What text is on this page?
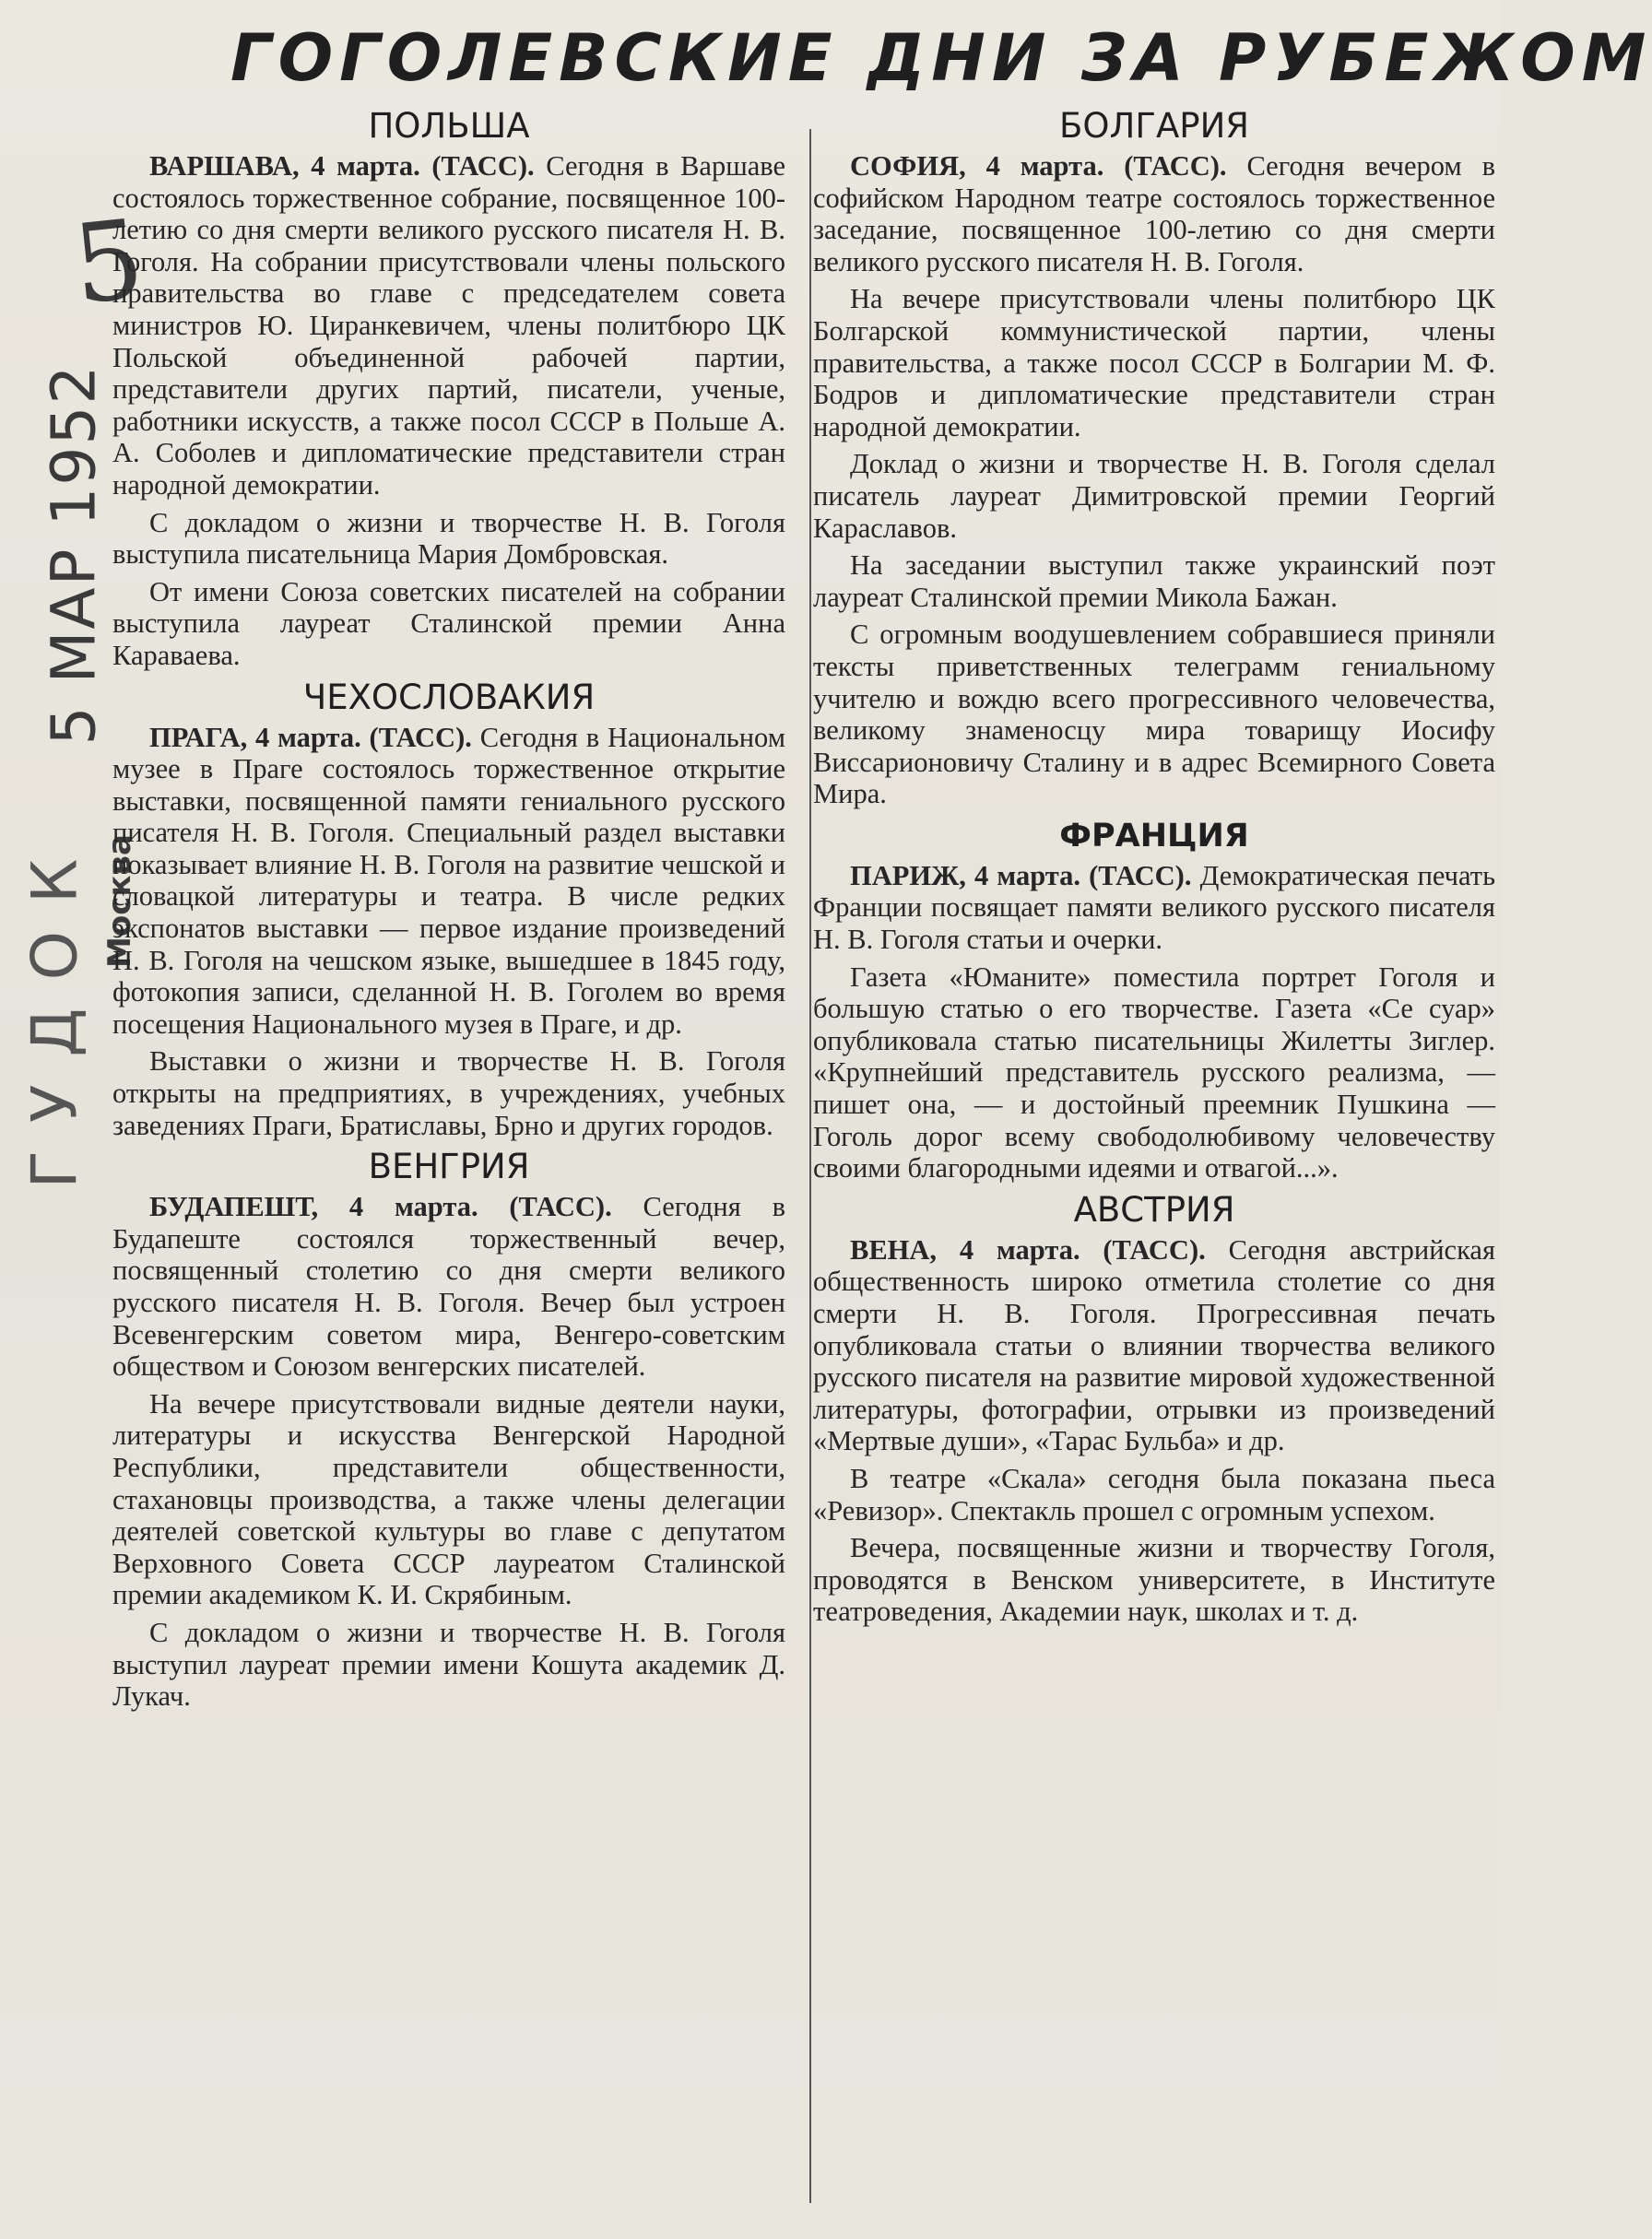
ГОГОЛЕВСКИЕ ДНИ ЗА РУБЕЖОМ
5
5 МАР 1952
Москва
ГУДОК
ПОЛЬША

ВАРШАВА, 4 марта. (ТАСС). Сегодня в Варшаве состоялось торжественное собрание, посвященное 100-летию со дня смерти великого русского писателя Н. В. Гоголя. На собрании присутствовали члены польского правительства во главе с председателем совета министров Ю. Циранкевичем, члены политбюро ЦК Польской объединенной рабочей партии, представители других партий, писатели, ученые, работники искусств, а также посол СССР в Польше А. А. Соболев и дипломатические представители стран народной демократии.

С докладом о жизни и творчестве Н. В. Гоголя выступила писательница Мария Домбровская.

От имени Союза советских писателей на собрании выступила лауреат Сталинской премии Анна Караваева.

ЧЕХОСЛОВАКИЯ

ПРАГА, 4 марта. (ТАСС). Сегодня в Национальном музее в Праге состоялось торжественное открытие выставки, посвященной памяти гениального русского писателя Н. В. Гоголя. Специальный раздел выставки показывает влияние Н. В. Гоголя на развитие чешской и словацкой литературы и театра. В числе редких экспонатов выставки — первое издание произведений Н. В. Гоголя на чешском языке, вышедшее в 1845 году, фотокопия записи, сделанной Н. В. Гоголем во время посещения Национального музея в Праге, и др.

Выставки о жизни и творчестве Н. В. Гоголя открыты на предприятиях, в учреждениях, учебных заведениях Праги, Братиславы, Брно и других городов.

ВЕНГРИЯ

БУДАПЕШТ, 4 марта. (ТАСС). Сегодня в Будапеште состоялся торжественный вечер, посвященный столетию со дня смерти великого русского писателя Н. В. Гоголя. Вечер был устроен Всевенгерским советом мира, Венгеро-советским обществом и Союзом венгерских писателей.

На вечере присутствовали видные деятели науки, литературы и искусства Венгерской Народной Республики, представители общественности, стахановцы производства, а также члены делегации деятелей советской культуры во главе с депутатом Верховного Совета СССР лауреатом Сталинской премии академиком К. И. Скрябиным.

С докладом о жизни и творчестве Н. В. Гоголя выступил лауреат премии имени Кошута академик Д. Лукач.

БОЛГАРИЯ

СОФИЯ, 4 марта. (ТАСС). Сегодня вечером в софийском Народном театре состоялось торжественное заседание, посвященное 100-летию со дня смерти великого русского писателя Н. В. Гоголя.

На вечере присутствовали члены политбюро ЦК Болгарской коммунистической партии, члены правительства, а также посол СССР в Болгарии М. Ф. Бодров и дипломатические представители стран народной демократии.

Доклад о жизни и творчестве Н. В. Гоголя сделал писатель лауреат Димитровской премии Георгий Караславов.

На заседании выступил также украинский поэт лауреат Сталинской премии Микола Бажан.

С огромным воодушевлением собравшиеся приняли тексты приветственных телеграмм гениальному учителю и вождю всего прогрессивного человечества, великому знаменосцу мира товарищу Иосифу Виссарионовичу Сталину и в адрес Всемирного Совета Мира.

ФРАНЦИЯ

ПАРИЖ, 4 марта. (ТАСС). Демократическая печать Франции посвящает памяти великого русского писателя Н. В. Гоголя статьи и очерки.

Газета «Юманите» поместила портрет Гоголя и большую статью о его творчестве. Газета «Се суар» опубликовала статью писательницы Жилетты Зиглер. «Крупнейший представитель русского реализма, — пишет она, — и достойный преемник Пушкина — Гоголь дорог всему свободолюбивому человечеству своими благородными идеями и отвагой...».

АВСТРИЯ

ВЕНА, 4 марта. (ТАСС). Сегодня австрийская общественность широко отметила столетие со дня смерти Н. В. Гоголя. Прогрессивная печать опубликовала статьи о влиянии творчества великого русского писателя на развитие мировой художественной литературы, фотографии, отрывки из произведений «Мертвые души», «Тарас Бульба» и др.

В театре «Скала» сегодня была показана пьеса «Ревизор». Спектакль прошел с огромным успехом.

Вечера, посвященные жизни и творчеству Гоголя, проводятся в Венском университете, в Институте театроведения, Академии наук, школах и т. д.
